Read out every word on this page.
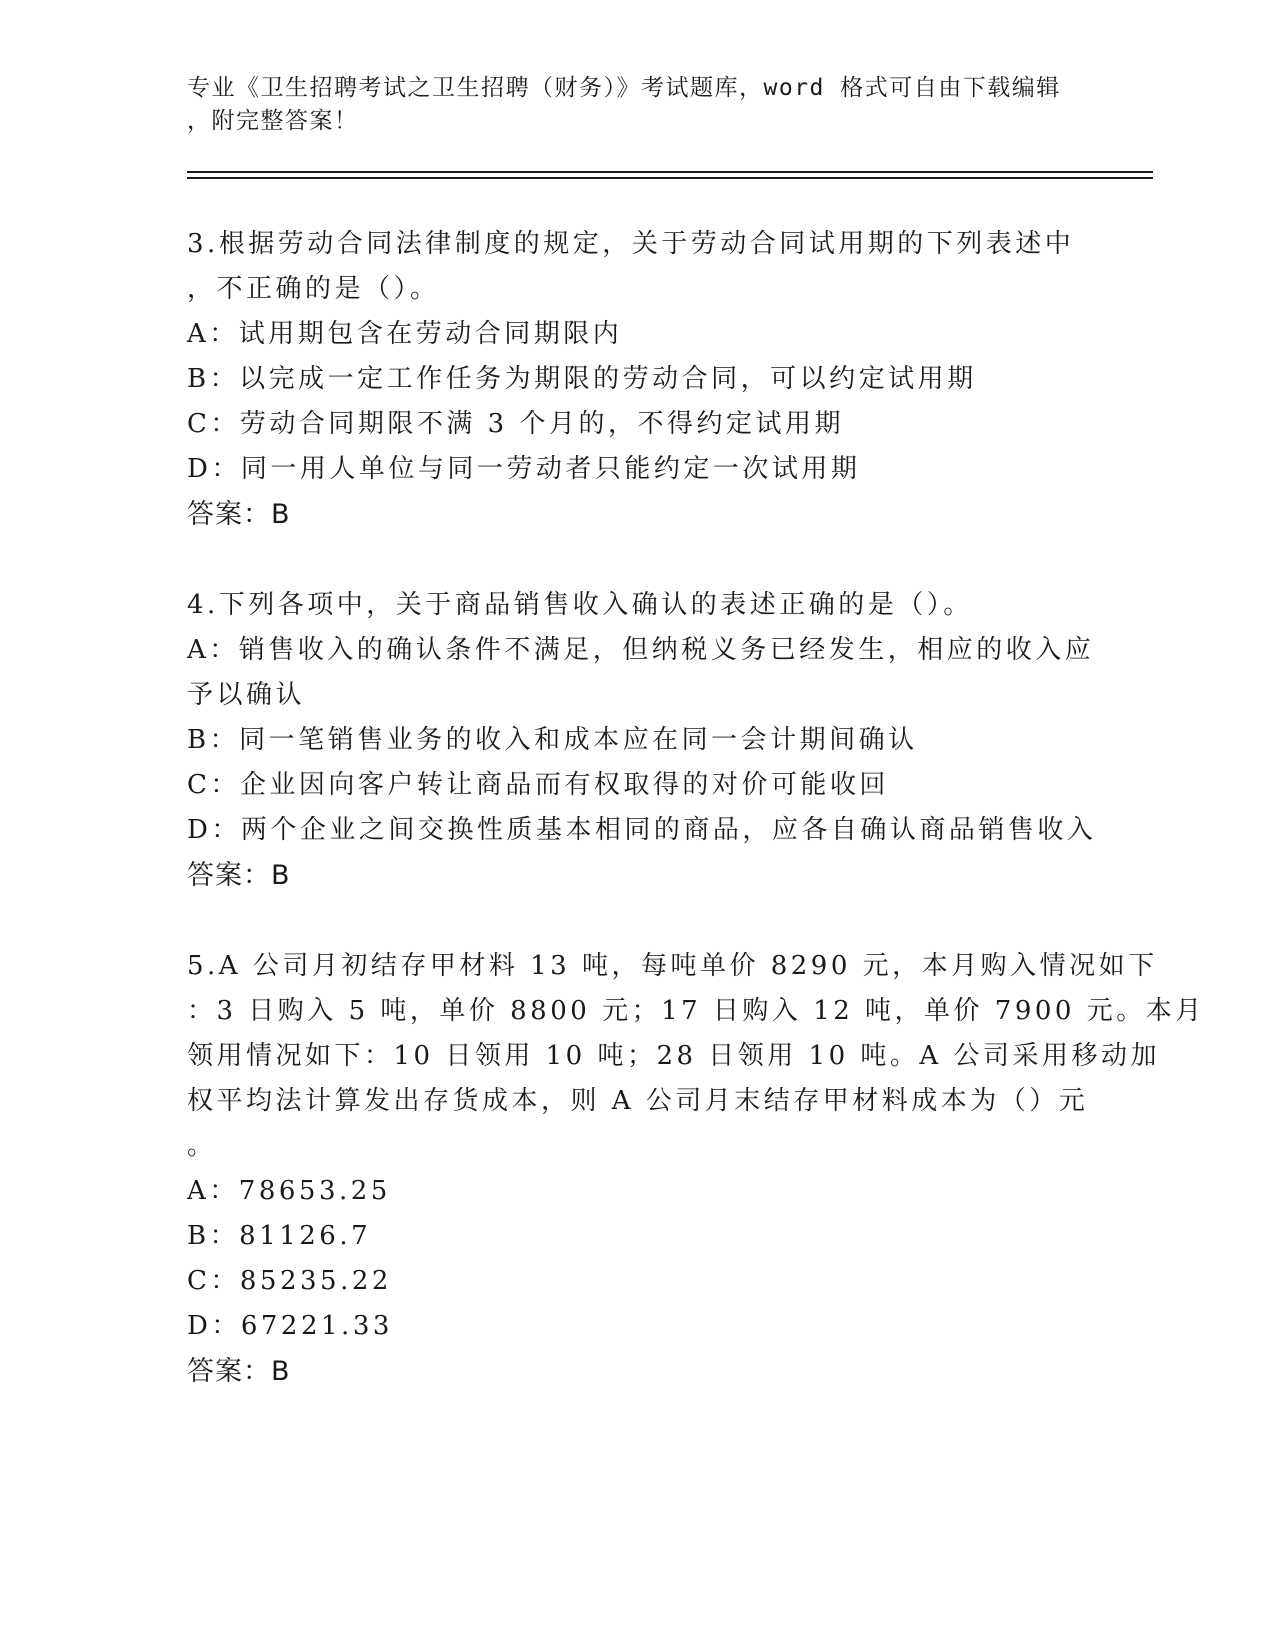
专业《卫生招聘考试之卫生招聘（财务）》考试题库，word 格式可自由下载编辑
，附完整答案！
3.根据劳动合同法律制度的规定，关于劳动合同试用期的下列表述中
，不正确的是（）。
A：试用期包含在劳动合同期限内
B：以完成一定工作任务为期限的劳动合同，可以约定试用期
C：劳动合同期限不满 3 个月的，不得约定试用期
D：同一用人单位与同一劳动者只能约定一次试用期
答案：B
4.下列各项中，关于商品销售收入确认的表述正确的是（）。
A：销售收入的确认条件不满足，但纳税义务已经发生，相应的收入应
予以确认
B：同一笔销售业务的收入和成本应在同一会计期间确认
C：企业因向客户转让商品而有权取得的对价可能收回
D：两个企业之间交换性质基本相同的商品，应各自确认商品销售收入
答案：B
5.A 公司月初结存甲材料 13 吨，每吨单价 8290 元，本月购入情况如下
：3 日购入 5 吨，单价 8800 元；17 日购入 12 吨，单价 7900 元。本月
领用情况如下：10 日领用 10 吨；28 日领用 10 吨。A 公司采用移动加
权平均法计算发出存货成本，则 A 公司月末结存甲材料成本为（）元
。
A：78653.25
B：81126.7
C：85235.22
D：67221.33
答案：B
